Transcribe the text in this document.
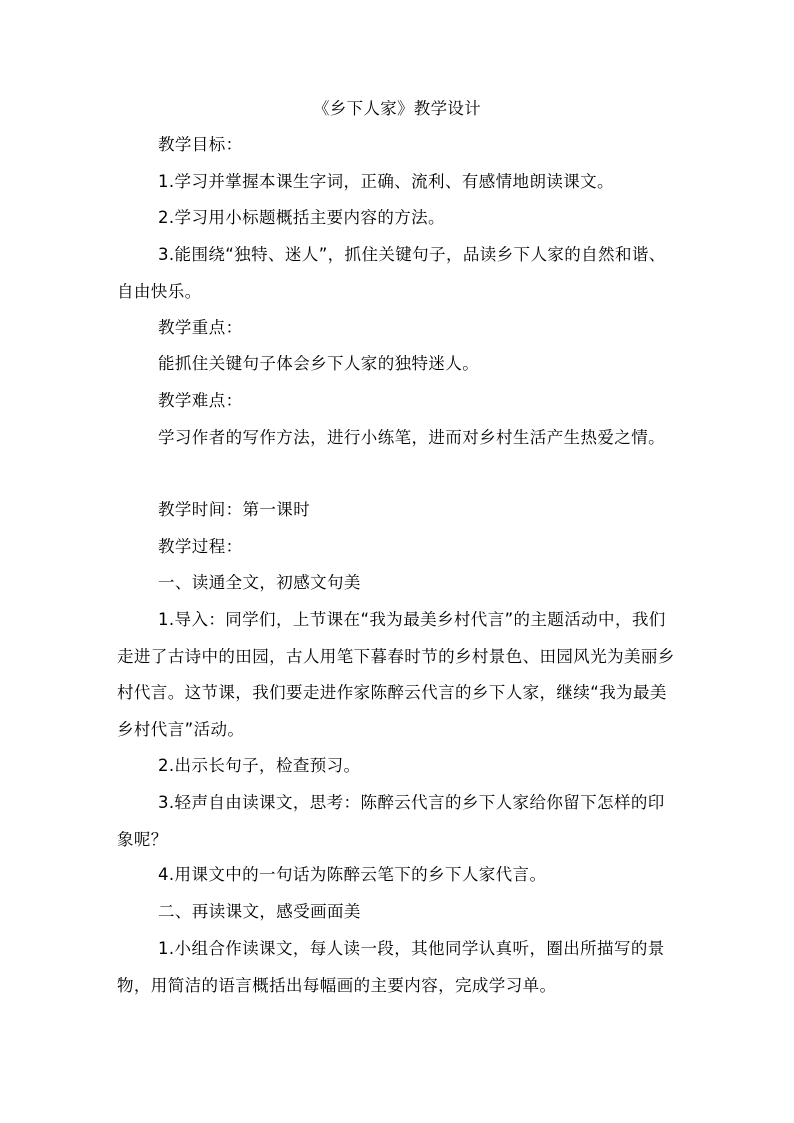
《乡下人家》教学设计

教学目标：

1.学习并掌握本课生字词，正确、流利、有感情地朗读课文。

2.学习用小标题概括主要内容的方法。

3.能围绕“独特、迷人”，抓住关键句子，品读乡下人家的自然和谐、自由快乐。

教学重点：

能抓住关键句子体会乡下人家的独特迷人。

教学难点：

学习作者的写作方法，进行小练笔，进而对乡村生活产生热爱之情。

教学时间：第一课时

教学过程：

一、读通全文，初感文句美

1.导入：同学们，上节课在“我为最美乡村代言”的主题活动中，我们走进了古诗中的田园，古人用笔下暮春时节的乡村景色、田园风光为美丽乡村代言。这节课，我们要走进作家陈醉云代言的乡下人家，继续“我为最美乡村代言”活动。

2.出示长句子，检查预习。

3.轻声自由读课文，思考：陈醉云代言的乡下人家给你留下怎样的印象呢？

4.用课文中的一句话为陈醉云笔下的乡下人家代言。

二、再读课文，感受画面美

1.小组合作读课文，每人读一段，其他同学认真听，圈出所描写的景物，用简洁的语言概括出每幅画的主要内容，完成学习单。
